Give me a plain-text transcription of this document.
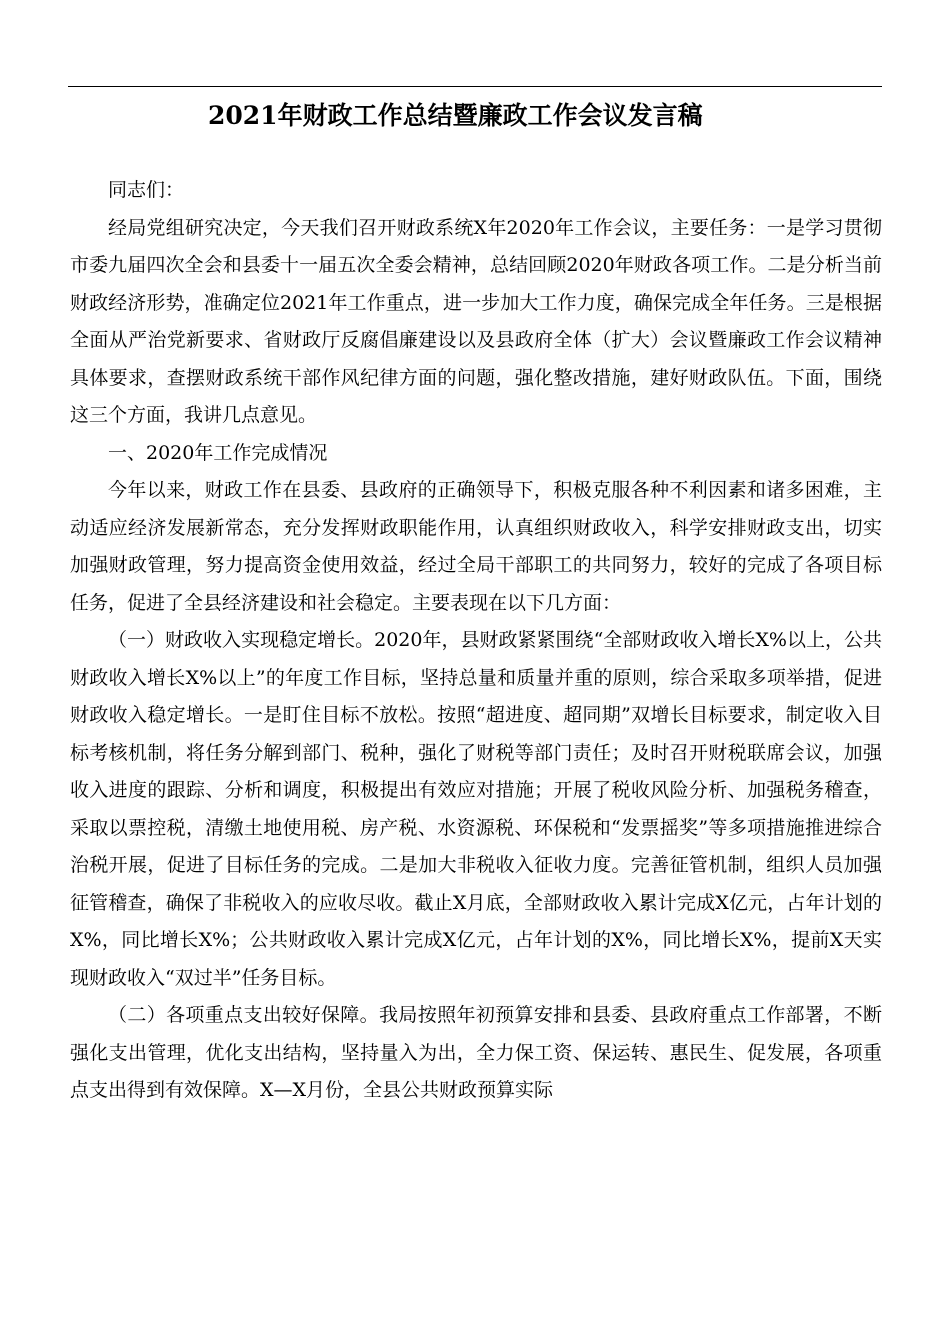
2021年财政工作总结暨廉政工作会议发言稿

同志们：

经局党组研究决定，今天我们召开财政系统X年2020年工作会议，主要任务：一是学习贯彻市委九届四次全会和县委十一届五次全委会精神，总结回顾2020年财政各项工作。二是分析当前财政经济形势，准确定位2021年工作重点，进一步加大工作力度，确保完成全年任务。三是根据全面从严治党新要求、省财政厅反腐倡廉建设以及县政府全体（扩大）会议暨廉政工作会议精神具体要求，查摆财政系统干部作风纪律方面的问题，强化整改措施，建好财政队伍。下面，围绕这三个方面，我讲几点意见。

一、2020年工作完成情况

今年以来，财政工作在县委、县政府的正确领导下，积极克服各种不利因素和诸多困难，主动适应经济发展新常态，充分发挥财政职能作用，认真组织财政收入，科学安排财政支出，切实加强财政管理，努力提高资金使用效益，经过全局干部职工的共同努力，较好的完成了各项目标任务，促进了全县经济建设和社会稳定。主要表现在以下几方面：

（一）财政收入实现稳定增长。2020年，县财政紧紧围绕“全部财政收入增长X%以上，公共财政收入增长X%以上”的年度工作目标，坚持总量和质量并重的原则，综合采取多项举措，促进财政收入稳定增长。一是盯住目标不放松。按照“超进度、超同期”双增长目标要求，制定收入目标考核机制，将任务分解到部门、税种，强化了财税等部门责任；及时召开财税联席会议，加强收入进度的跟踪、分析和调度，积极提出有效应对措施；开展了税收风险分析、加强税务稽查，采取以票控税，清缴土地使用税、房产税、水资源税、环保税和“发票摇奖”等多项措施推进综合治税开展，促进了目标任务的完成。二是加大非税收入征收力度。完善征管机制，组织人员加强征管稽查，确保了非税收入的应收尽收。截止X月底，全部财政收入累计完成X亿元，占年计划的X%，同比增长X%；公共财政收入累计完成X亿元，占年计划的X%，同比增长X%，提前X天实现财政收入“双过半”任务目标。

（二）各项重点支出较好保障。我局按照年初预算安排和县委、县政府重点工作部署，不断强化支出管理，优化支出结构，坚持量入为出，全力保工资、保运转、惠民生、促发展，各项重点支出得到有效保障。X—X月份，全县公共财政预算实际
